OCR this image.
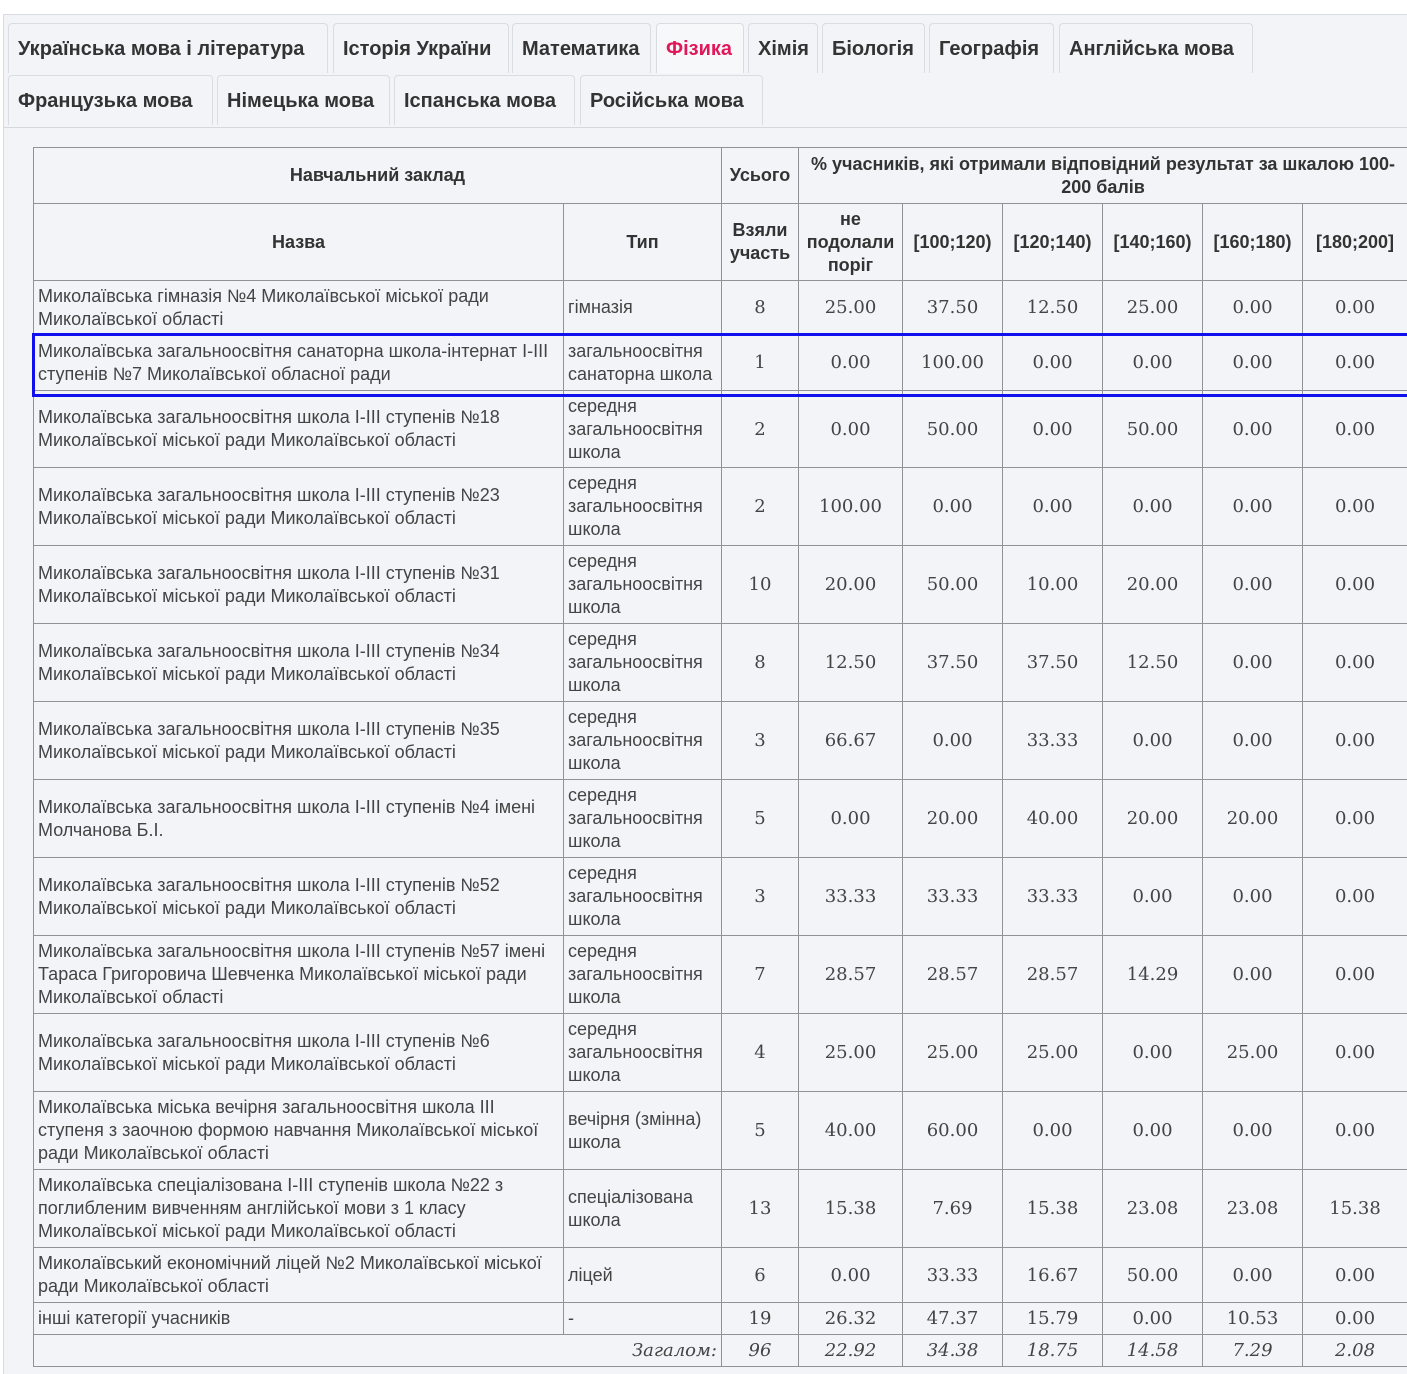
Українська мова і література	Історія України	Математика	Фізика	Хімія	Біологія	Географія	Англійська мова
Французька мова	Німецька мова	Іспанська мова	Російська мова
Навчальний заклад		Усього	% учасників, які отримали відповідний результат за шкалою 100-200 балів					
Назва	Тип	Взяли участь	не подолали поріг	[100;120)	[120;140)	[140;160)	[160;180)	[180;200]
Миколаївська гімназія №4 Миколаївської міської ради Миколаївської області	гімназія	8	25.00	37.50	12.50	25.00	0.00	0.00
Миколаївська загальноосвітня санаторна школа-інтернат І-ІІІ ступенів №7 Миколаївської обласної ради	загальноосвітня санаторна школа	1	0.00	100.00	0.00	0.00	0.00	0.00
Миколаївська загальноосвітня школа І-ІІІ ступенів №18 Миколаївської міської ради Миколаївської області	середня загальноосвітня школа	2	0.00	50.00	0.00	50.00	0.00	0.00
Миколаївська загальноосвітня школа І-ІІІ ступенів №23 Миколаївської міської ради Миколаївської області	середня загальноосвітня школа	2	100.00	0.00	0.00	0.00	0.00	0.00
Миколаївська загальноосвітня школа І-ІІІ ступенів №31 Миколаївської міської ради Миколаївської області	середня загальноосвітня школа	10	20.00	50.00	10.00	20.00	0.00	0.00
Миколаївська загальноосвітня школа І-ІІІ ступенів №34 Миколаївської міської ради Миколаївської області	середня загальноосвітня школа	8	12.50	37.50	37.50	12.50	0.00	0.00
Миколаївська загальноосвітня школа І-ІІІ ступенів №35 Миколаївської міської ради Миколаївської області	середня загальноосвітня школа	3	66.67	0.00	33.33	0.00	0.00	0.00
Миколаївська загальноосвітня школа І-ІІІ ступенів №4 імені Молчанова Б.І.	середня загальноосвітня школа	5	0.00	20.00	40.00	20.00	20.00	0.00
Миколаївська загальноосвітня школа І-ІІІ ступенів №52 Миколаївської міської ради Миколаївської області	середня загальноосвітня школа	3	33.33	33.33	33.33	0.00	0.00	0.00
Миколаївська загальноосвітня школа І-ІІІ ступенів №57 імені Тараса Григоровича Шевченка Миколаївської міської ради Миколаївської області	середня загальноосвітня школа	7	28.57	28.57	28.57	14.29	0.00	0.00
Миколаївська загальноосвітня школа І-ІІІ ступенів №6 Миколаївської міської ради Миколаївської області	середня загальноосвітня школа	4	25.00	25.00	25.00	0.00	25.00	0.00
Миколаївська міська вечірня загальноосвітня школа ІІІ ступеня з заочною формою навчання Миколаївської міської ради Миколаївської області	вечірня (змінна) школа	5	40.00	60.00	0.00	0.00	0.00	0.00
Миколаївська спеціалізована І-ІІІ ступенів школа №22 з поглибленим вивченням англійської мови з 1 класу Миколаївської міської ради Миколаївської області	спеціалізована школа	13	15.38	7.69	15.38	23.08	23.08	15.38
Миколаївський економічний ліцей №2 Миколаївської міської ради Миколаївської області	ліцей	6	0.00	33.33	16.67	50.00	0.00	0.00
інші категорії учасників	-	19	26.32	47.37	15.79	0.00	10.53	0.00
Загалом:		96	22.92	34.38	18.75	14.58	7.29	2.08
